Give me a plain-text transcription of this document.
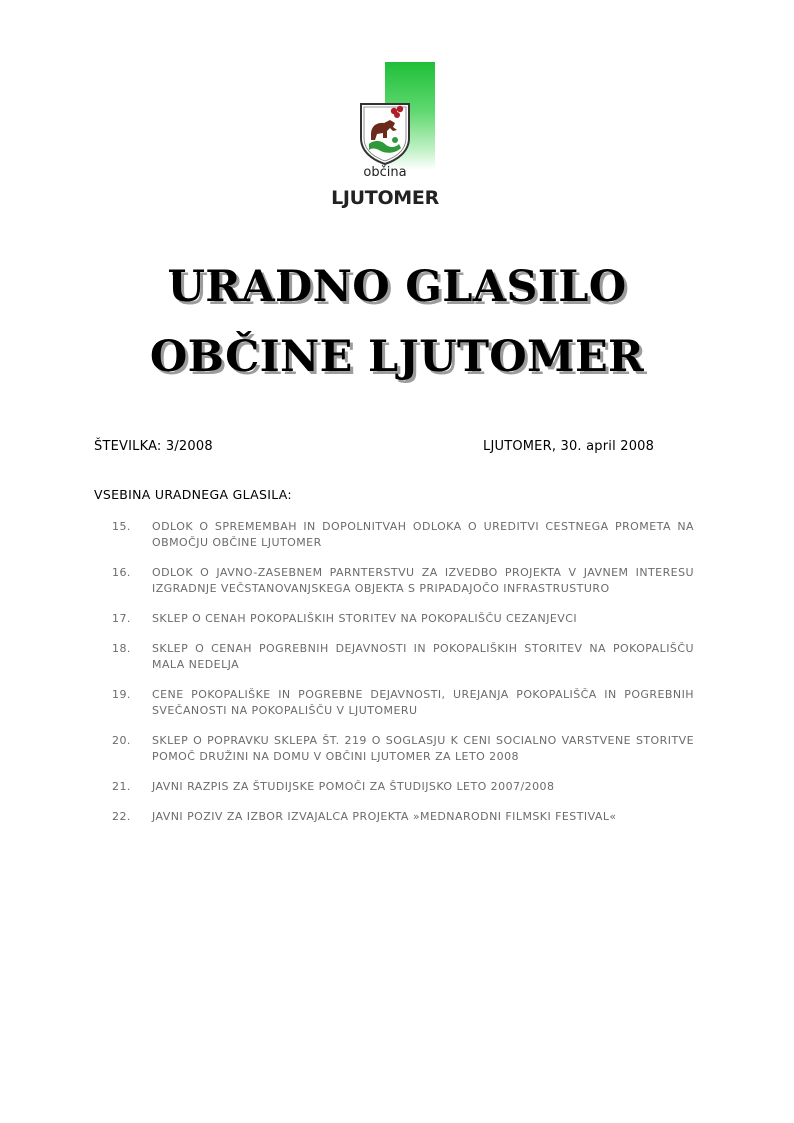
občina
LJUTOMER
URADNO GLASILO
OBČINE LJUTOMER
ŠTEVILKA: 3/2008	LJUTOMER, 30. april 2008
VSEBINA URADNEGA GLASILA:
15.	ODLOK O SPREMEMBAH IN DOPOLNITVAH ODLOKA O UREDITVI CESTNEGA PROMETA NA OBMOČJU OBČINE LJUTOMER
16.	ODLOK O JAVNO-ZASEBNEM PARNTERSTVU ZA IZVEDBO PROJEKTA V JAVNEM INTERESU IZGRADNJE VEČSTANOVANJSKEGA OBJEKTA S PRIPADAJOČO INFRASTRUSTURO
17.	SKLEP O CENAH POKOPALIŠKIH STORITEV NA POKOPALIŠČU CEZANJEVCI
18.	SKLEP O CENAH POGREBNIH DEJAVNOSTI IN POKOPALIŠKIH STORITEV NA POKOPALIŠČU MALA NEDELJA
19.	CENE POKOPALIŠKE IN POGREBNE DEJAVNOSTI, UREJANJA POKOPALIŠČA IN POGREBNIH SVEČANOSTI NA POKOPALIŠČU V LJUTOMERU
20.	SKLEP O POPRAVKU SKLEPA ŠT. 219 O SOGLASJU K CENI SOCIALNO VARSTVENE STORITVE POMOČ DRUŽINI NA DOMU V OBČINI LJUTOMER ZA LETO 2008
21.	JAVNI RAZPIS ZA ŠTUDIJSKE POMOČI ZA ŠTUDIJSKO LETO 2007/2008
22.	JAVNI POZIV ZA IZBOR IZVAJALCA PROJEKTA »MEDNARODNI FILMSKI FESTIVAL«
